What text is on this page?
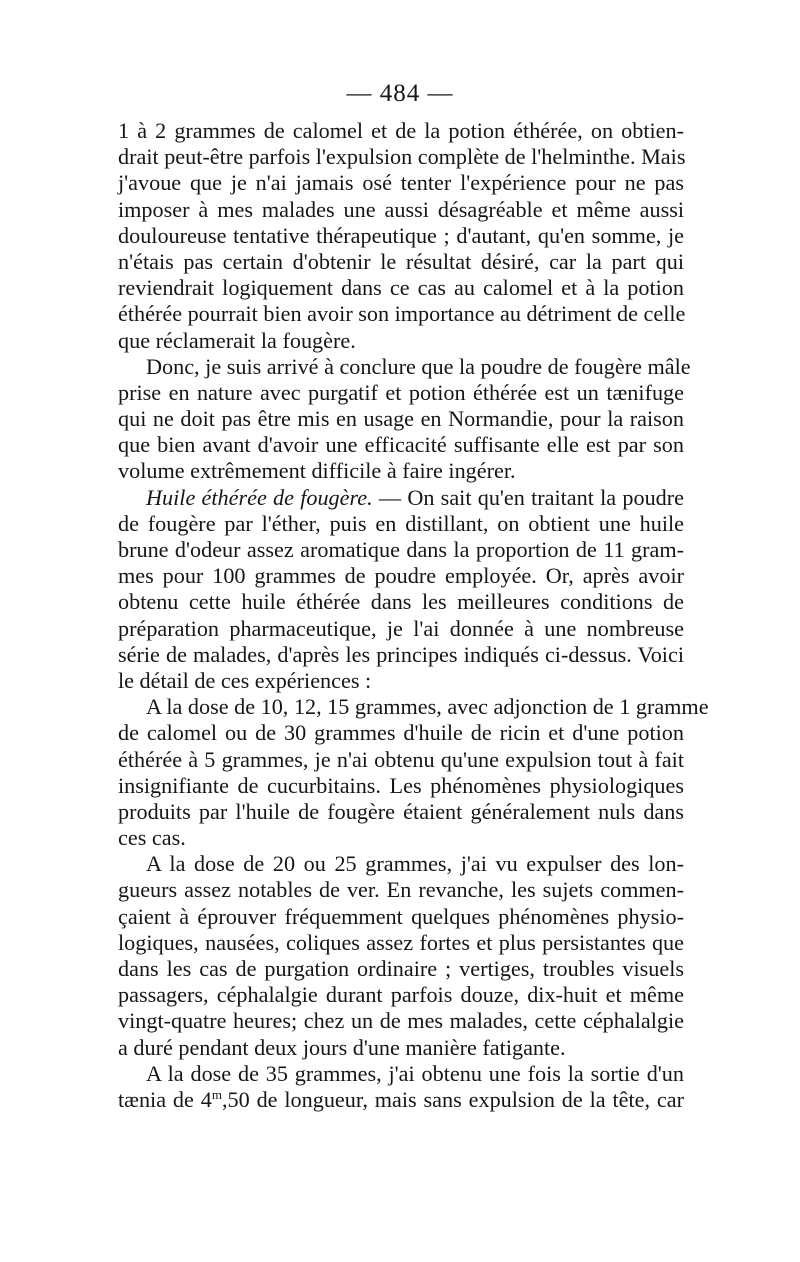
— 484 —
1 à 2 grammes de calomel et de la potion éthérée, on obtien-
drait peut-être parfois l'expulsion complète de l'helminthe. Mais
j'avoue que je n'ai jamais osé tenter l'expérience pour ne pas
imposer à mes malades une aussi désagréable et même aussi
douloureuse tentative thérapeutique ; d'autant, qu'en somme, je
n'étais pas certain d'obtenir le résultat désiré, car la part qui
reviendrait logiquement dans ce cas au calomel et à la potion
éthérée pourrait bien avoir son importance au détriment de celle
que réclamerait la fougère.
Donc, je suis arrivé à conclure que la poudre de fougère mâle
prise en nature avec purgatif et potion éthérée est un tænifuge
qui ne doit pas être mis en usage en Normandie, pour la raison
que bien avant d'avoir une efficacité suffisante elle est par son
volume extrêmement difficile à faire ingérer.
Huile éthérée de fougère. — On sait qu'en traitant la poudre
de fougère par l'éther, puis en distillant, on obtient une huile
brune d'odeur assez aromatique dans la proportion de 11 gram-
mes pour 100 grammes de poudre employée. Or, après avoir
obtenu cette huile éthérée dans les meilleures conditions de
préparation pharmaceutique, je l'ai donnée à une nombreuse
série de malades, d'après les principes indiqués ci-dessus. Voici
le détail de ces expériences :
A la dose de 10, 12, 15 grammes, avec adjonction de 1 gramme
de calomel ou de 30 grammes d'huile de ricin et d'une potion
éthérée à 5 grammes, je n'ai obtenu qu'une expulsion tout à fait
insignifiante de cucurbitains. Les phénomènes physiologiques
produits par l'huile de fougère étaient généralement nuls dans
ces cas.
A la dose de 20 ou 25 grammes, j'ai vu expulser des lon-
gueurs assez notables de ver. En revanche, les sujets commen-
çaient à éprouver fréquemment quelques phénomènes physio-
logiques, nausées, coliques assez fortes et plus persistantes que
dans les cas de purgation ordinaire ; vertiges, troubles visuels
passagers, céphalalgie durant parfois douze, dix-huit et même
vingt-quatre heures; chez un de mes malades, cette céphalalgie
a duré pendant deux jours d'une manière fatigante.
A la dose de 35 grammes, j'ai obtenu une fois la sortie d'un
tænia de 4$^m$,50 de longueur, mais sans expulsion de la tête, car
